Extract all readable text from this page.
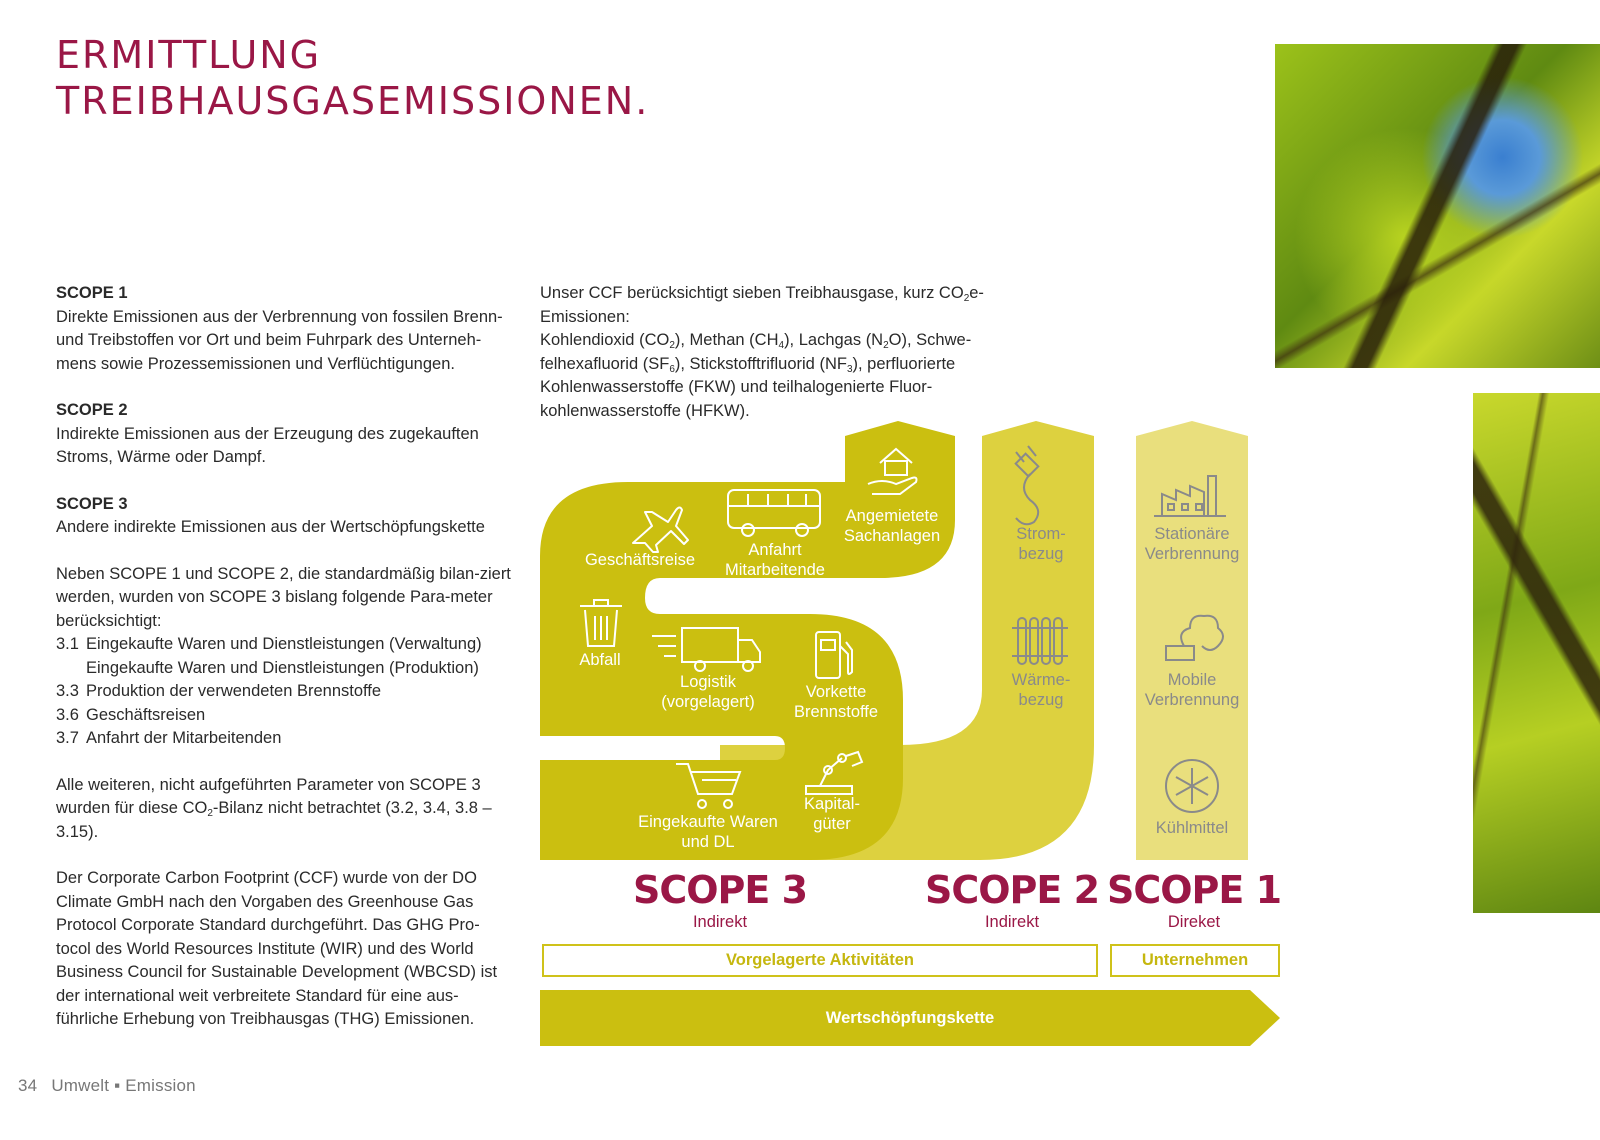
ERMITTLUNG
TREIBHAUSGASEMISSIONEN.

SCOPE 1
Direkte Emissionen aus der Verbrennung von fossilen Brenn- und Treibstoffen vor Ort und beim Fuhrpark des Unterneh-mens sowie Prozessemissionen und Verflüchtigungen.

SCOPE 2
Indirekte Emissionen aus der Erzeugung des zugekauften Stroms, Wärme oder Dampf.

SCOPE 3
Andere indirekte Emissionen aus der Wertschöpfungskette

Neben SCOPE 1 und SCOPE 2, die standardmäßig bilan-ziert werden, wurden von SCOPE 3 bislang folgende Para-meter berücksichtigt:
3.1 Eingekaufte Waren und Dienstleistungen (Verwaltung)
Eingekaufte Waren und Dienstleistungen (Produktion)
3.3 Produktion der verwendeten Brennstoffe
3.6 Geschäftsreisen
3.7 Anfahrt der Mitarbeitenden

Alle weiteren, nicht aufgeführten Parameter von SCOPE 3 wurden für diese $CO_2$-Bilanz nicht betrachtet (3.2, 3.4, 3.8 – 3.15).

Der Corporate Carbon Footprint (CCF) wurde von der DO Climate GmbH nach den Vorgaben des Greenhouse Gas Protocol Corporate Standard durchgeführt. Das GHG Pro-tocol des World Resources Institute (WIR) und des World Business Council for Sustainable Development (WBCSD) ist der international weit verbreitete Standard für eine aus-führliche Erhebung von Treibhausgas (THG) Emissionen.

Unser CCF berücksichtigt sieben Treibhausgase, kurz $CO_2e-$

Emissionen:

Kohlendioxid $(CO_2)$, Methan $(CH_4)$, Lachgas $(N_2O)$, Schwe-

felhexafluorid $(SF_6)$, Stickstofftrifluorid $(NF_3)$, perfluorierte

Kohlenwasserstoffe (FKW) und teilhalogenierte Fluor-

kohlenwasserstoffe (HFKW).

Geschäftsreise
Anfahrt
Mitarbeitende
Angemietete
Sachanlagen
Abfall
Logistik
(vorgelagert)
Vorkette
Brennstoffe
Eingekaufte Waren
und DL
Kapital-
güter
Strom-
bezug
Wärme-
bezug
Stationäre
Verbrennung
Mobile
Verbrennung
Kühlmittel
SCOPE 3
Indirekt
SCOPE 2
Indirekt
SCOPE 1
Direket
Vorgelagerte Aktivitäten	Unternehmen
Wertschöpfungskette
34 Umwelt ▪ Emission
